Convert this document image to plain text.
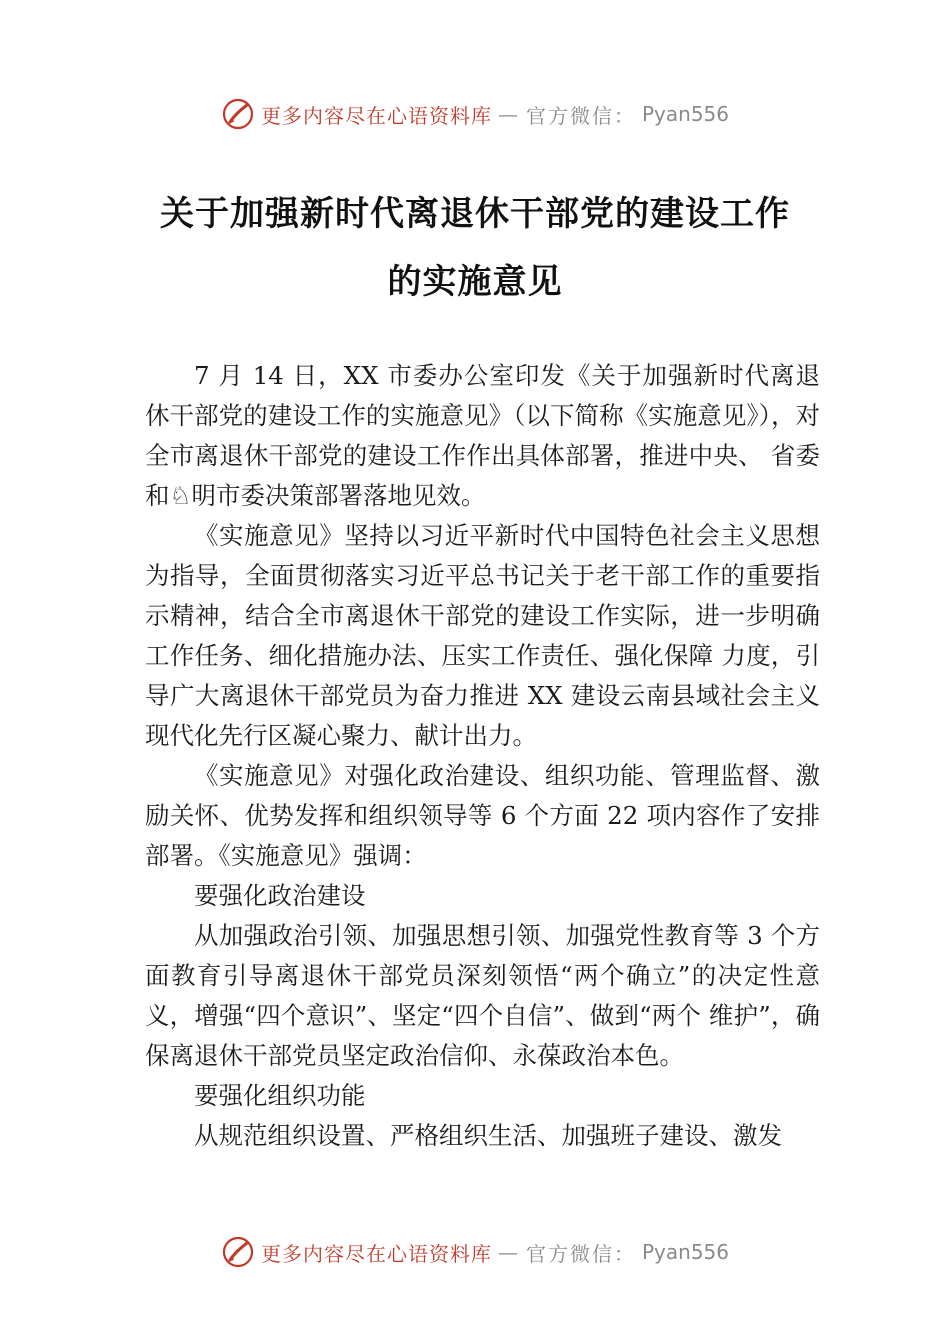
更多内容尽在心语资料库 — 官方微信： Pyan556
关于加强新时代离退休干部党的建设工作
的实施意见

7 月 14 日，XX 市委办公室印发《关于加强新时代离退休干部党的建设工作的实施意见》（以下简称《实施意见》），对全市离退休干部党的建设工作作出具体部署，推进中央、 省委和♘明市委决策部署落地见效。

《实施意见》坚持以习近平新时代中国特色社会主义思想为指导，全面贯彻落实习近平总书记关于老干部工作的重要指示精神，结合全市离退休干部党的建设工作实际，进一步明确工作任务、细化措施办法、压实工作责任、强化保障 力度，引导广大离退休干部党员为奋力推进 XX 建设云南县域社会主义现代化先行区凝心聚力、献计出力。

《实施意见》对强化政治建设、组织功能、管理监督、激励关怀、优势发挥和组织领导等 6 个方面 22 项内容作了安排部署。《实施意见》强调：

要强化政治建设

从加强政治引领、加强思想引领、加强党性教育等 3 个方面教育引导离退休干部党员深刻领悟“两个确立”的决定性意义，增强“四个意识”、坚定“四个自信”、做到“两个 维护”，确保离退休干部党员坚定政治信仰、永葆政治本色。

要强化组织功能

从规范组织设置、严格组织生活、加强班子建设、激发

更多内容尽在心语资料库 — 官方微信： Pyan556
